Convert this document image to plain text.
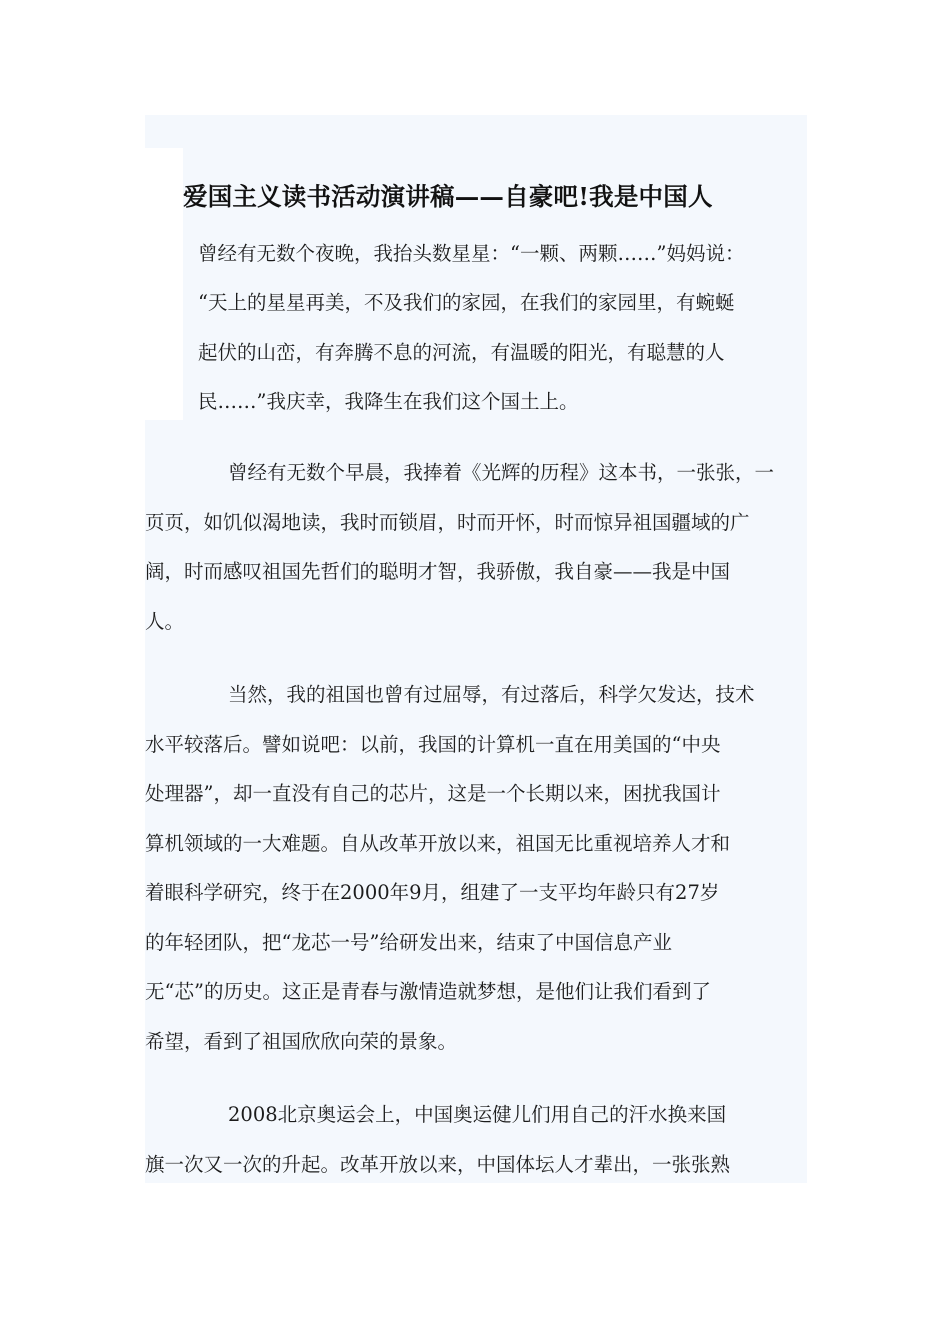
爱国主义读书活动演讲稿——自豪吧!我是中国人
曾经有无数个夜晚，我抬头数星星：“一颗、两颗……”妈妈说：
“天上的星星再美，不及我们的家园，在我们的家园里，有蜿蜒
起伏的山峦，有奔腾不息的河流，有温暖的阳光，有聪慧的人
民……”我庆幸，我降生在我们这个国土上。
曾经有无数个早晨，我捧着《光辉的历程》这本书，一张张，一
页页，如饥似渴地读，我时而锁眉，时而开怀，时而惊异祖国疆域的广
阔，时而感叹祖国先哲们的聪明才智，我骄傲，我自豪——我是中国
人。
当然，我的祖国也曾有过屈辱，有过落后，科学欠发达，技术
水平较落后。譬如说吧：以前，我国的计算机一直在用美国的“中央
处理器”，却一直没有自己的芯片，这是一个长期以来，困扰我国计
算机领域的一大难题。自从改革开放以来，祖国无比重视培养人才和
着眼科学研究，终于在2000年9月，组建了一支平均年龄只有27岁
的年轻团队，把“龙芯一号”给研发出来，结束了中国信息产业
无“芯”的历史。这正是青春与激情造就梦想，是他们让我们看到了
希望，看到了祖国欣欣向荣的景象。
2008北京奥运会上，中国奥运健儿们用自己的汗水换来国
旗一次又一次的升起。改革开放以来，中国体坛人才辈出，一张张熟
